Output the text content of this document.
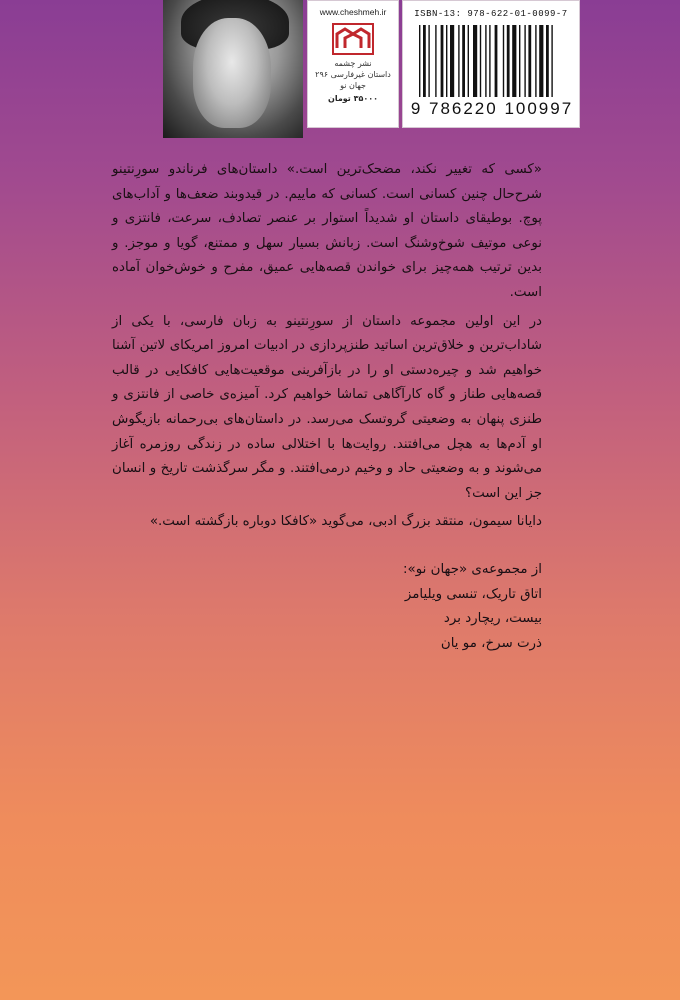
www.cheshmeh.ir
نشر چشمه
داستان غیرفارسی ۲۹۶
جهان نو
۳۵۰۰۰ تومان
ISBN-13: 978-622-01-0099-7
9 786220 100997

«کسی که تغییر نکند، مضحک‌ترین است.» داستان‌های فرناندو سورِنتینو شرح‌حال چنین کسانی است. کسانی که ماییم. در قیدوبند ضعف‌ها و آداب‌های پوچ. بوطیقای داستان او شدیداً استوار بر عنصر تصادف، سرعت، فانتزی و نوعی موتیف شوخ‌وشنگ است. زبانش بسیار سهل و ممتنع، گویا و موجز. و بدین ترتیب همه‌چیز برای خواندن قصه‌هایی عمیق، مفرح و خوش‌خوان آماده است.

در این اولین مجموعه داستان از سورِنتینو به زبان فارسی، با یکی از شاداب‌ترین و خلاق‌ترین اساتید طنزپردازی در ادبیات امروز امریکای لاتین آشنا خواهیم شد و چیره‌دستی او را در بازآفرینی موقعیت‌هایی کافکایی در قالب قصه‌هایی طناز و گاه کارآگاهی تماشا خواهیم کرد. آمیزه‌ی خاصی از فانتزی و طنزی پنهان به وضعیتی گروتسک می‌رسد. در داستان‌های بی‌رحمانه بازیگوش او آدم‌ها به هچل می‌افتند. روایت‌ها با اختلالی ساده در زندگی روزمره آغاز می‌شوند و به وضعیتی حاد و وخیم درمی‌افتند. و مگر سرگذشت تاریخ و انسان جز این است؟

دایانا سیمون، منتقد بزرگ ادبی، می‌گوید «کافکا دوباره بازگشته است.»

از مجموعه‌ی «جهان نو»:
اتاق تاریک، تنسی ویلیامز
بیست، ریچارد برد
ذرت سرخ، مو یان
